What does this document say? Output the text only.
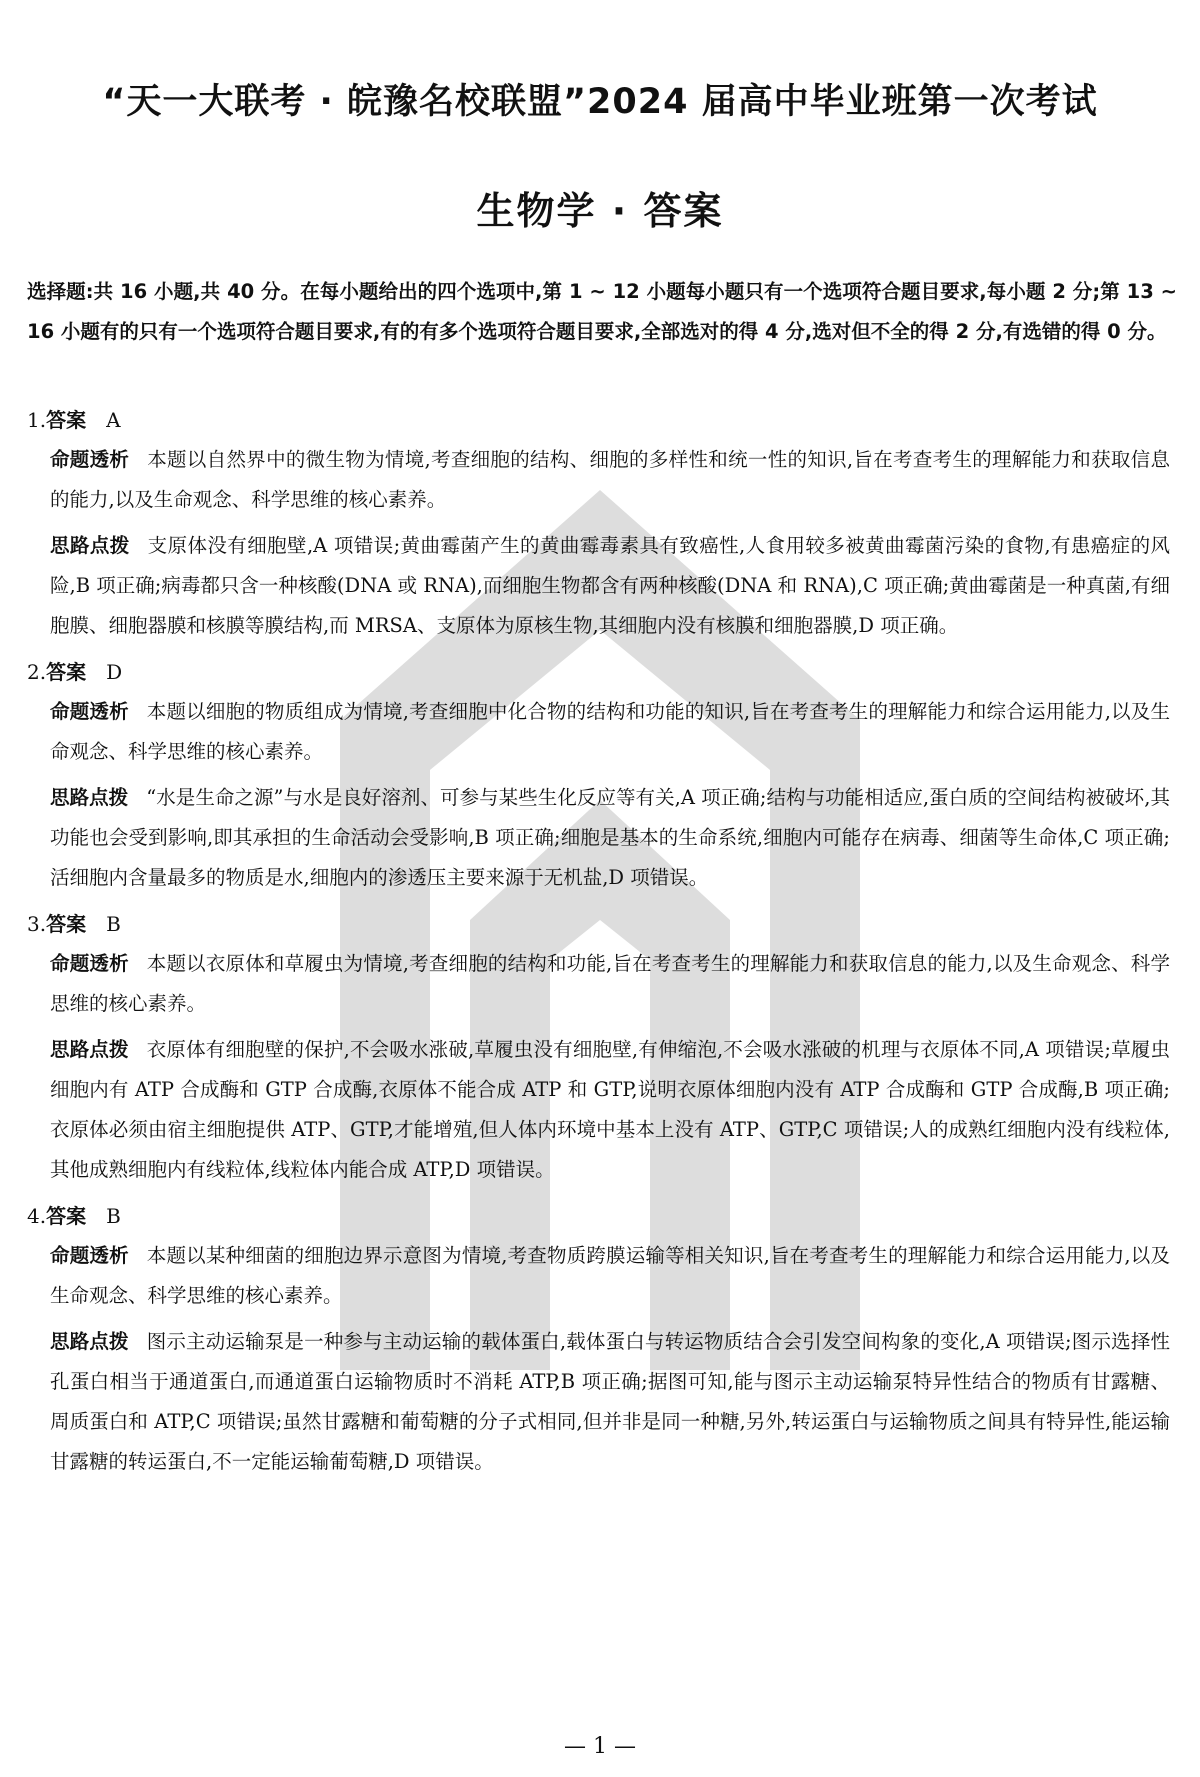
“天一大联考 · 皖豫名校联盟”2024 届高中毕业班第一次考试
生物学 · 答案
选择题:共 16 小题,共 40 分。在每小题给出的四个选项中,第 1 ~ 12 小题每小题只有一个选项符合题目要求,每小题 2 分;第 13 ~ 16 小题有的只有一个选项符合题目要求,有的有多个选项符合题目要求,全部选对的得 4 分,选对但不全的得 2 分,有选错的得 0 分。
1.答案 A
命题透析 本题以自然界中的微生物为情境,考查细胞的结构、细胞的多样性和统一性的知识,旨在考查考生的理解能力和获取信息的能力,以及生命观念、科学思维的核心素养。
思路点拨 支原体没有细胞壁,A 项错误;黄曲霉菌产生的黄曲霉毒素具有致癌性,人食用较多被黄曲霉菌污染的食物,有患癌症的风险,B 项正确;病毒都只含一种核酸(DNA 或 RNA),而细胞生物都含有两种核酸(DNA 和 RNA),C 项正确;黄曲霉菌是一种真菌,有细胞膜、细胞器膜和核膜等膜结构,而 MRSA、支原体为原核生物,其细胞内没有核膜和细胞器膜,D 项正确。
2.答案 D
命题透析 本题以细胞的物质组成为情境,考查细胞中化合物的结构和功能的知识,旨在考查考生的理解能力和综合运用能力,以及生命观念、科学思维的核心素养。
思路点拨 “水是生命之源”与水是良好溶剂、可参与某些生化反应等有关,A 项正确;结构与功能相适应,蛋白质的空间结构被破坏,其功能也会受到影响,即其承担的生命活动会受影响,B 项正确;细胞是基本的生命系统,细胞内可能存在病毒、细菌等生命体,C 项正确;活细胞内含量最多的物质是水,细胞内的渗透压主要来源于无机盐,D 项错误。
3.答案 B
命题透析 本题以衣原体和草履虫为情境,考查细胞的结构和功能,旨在考查考生的理解能力和获取信息的能力,以及生命观念、科学思维的核心素养。
思路点拨 衣原体有细胞壁的保护,不会吸水涨破,草履虫没有细胞壁,有伸缩泡,不会吸水涨破的机理与衣原体不同,A 项错误;草履虫细胞内有 ATP 合成酶和 GTP 合成酶,衣原体不能合成 ATP 和 GTP,说明衣原体细胞内没有 ATP 合成酶和 GTP 合成酶,B 项正确;衣原体必须由宿主细胞提供 ATP、GTP,才能增殖,但人体内环境中基本上没有 ATP、GTP,C 项错误;人的成熟红细胞内没有线粒体,其他成熟细胞内有线粒体,线粒体内能合成 ATP,D 项错误。
4.答案 B
命题透析 本题以某种细菌的细胞边界示意图为情境,考查物质跨膜运输等相关知识,旨在考查考生的理解能力和综合运用能力,以及生命观念、科学思维的核心素养。
思路点拨 图示主动运输泵是一种参与主动运输的载体蛋白,载体蛋白与转运物质结合会引发空间构象的变化,A 项错误;图示选择性孔蛋白相当于通道蛋白,而通道蛋白运输物质时不消耗 ATP,B 项正确;据图可知,能与图示主动运输泵特异性结合的物质有甘露糖、周质蛋白和 ATP,C 项错误;虽然甘露糖和葡萄糖的分子式相同,但并非是同一种糖,另外,转运蛋白与运输物质之间具有特异性,能运输甘露糖的转运蛋白,不一定能运输葡萄糖,D 项错误。
— 1 —
